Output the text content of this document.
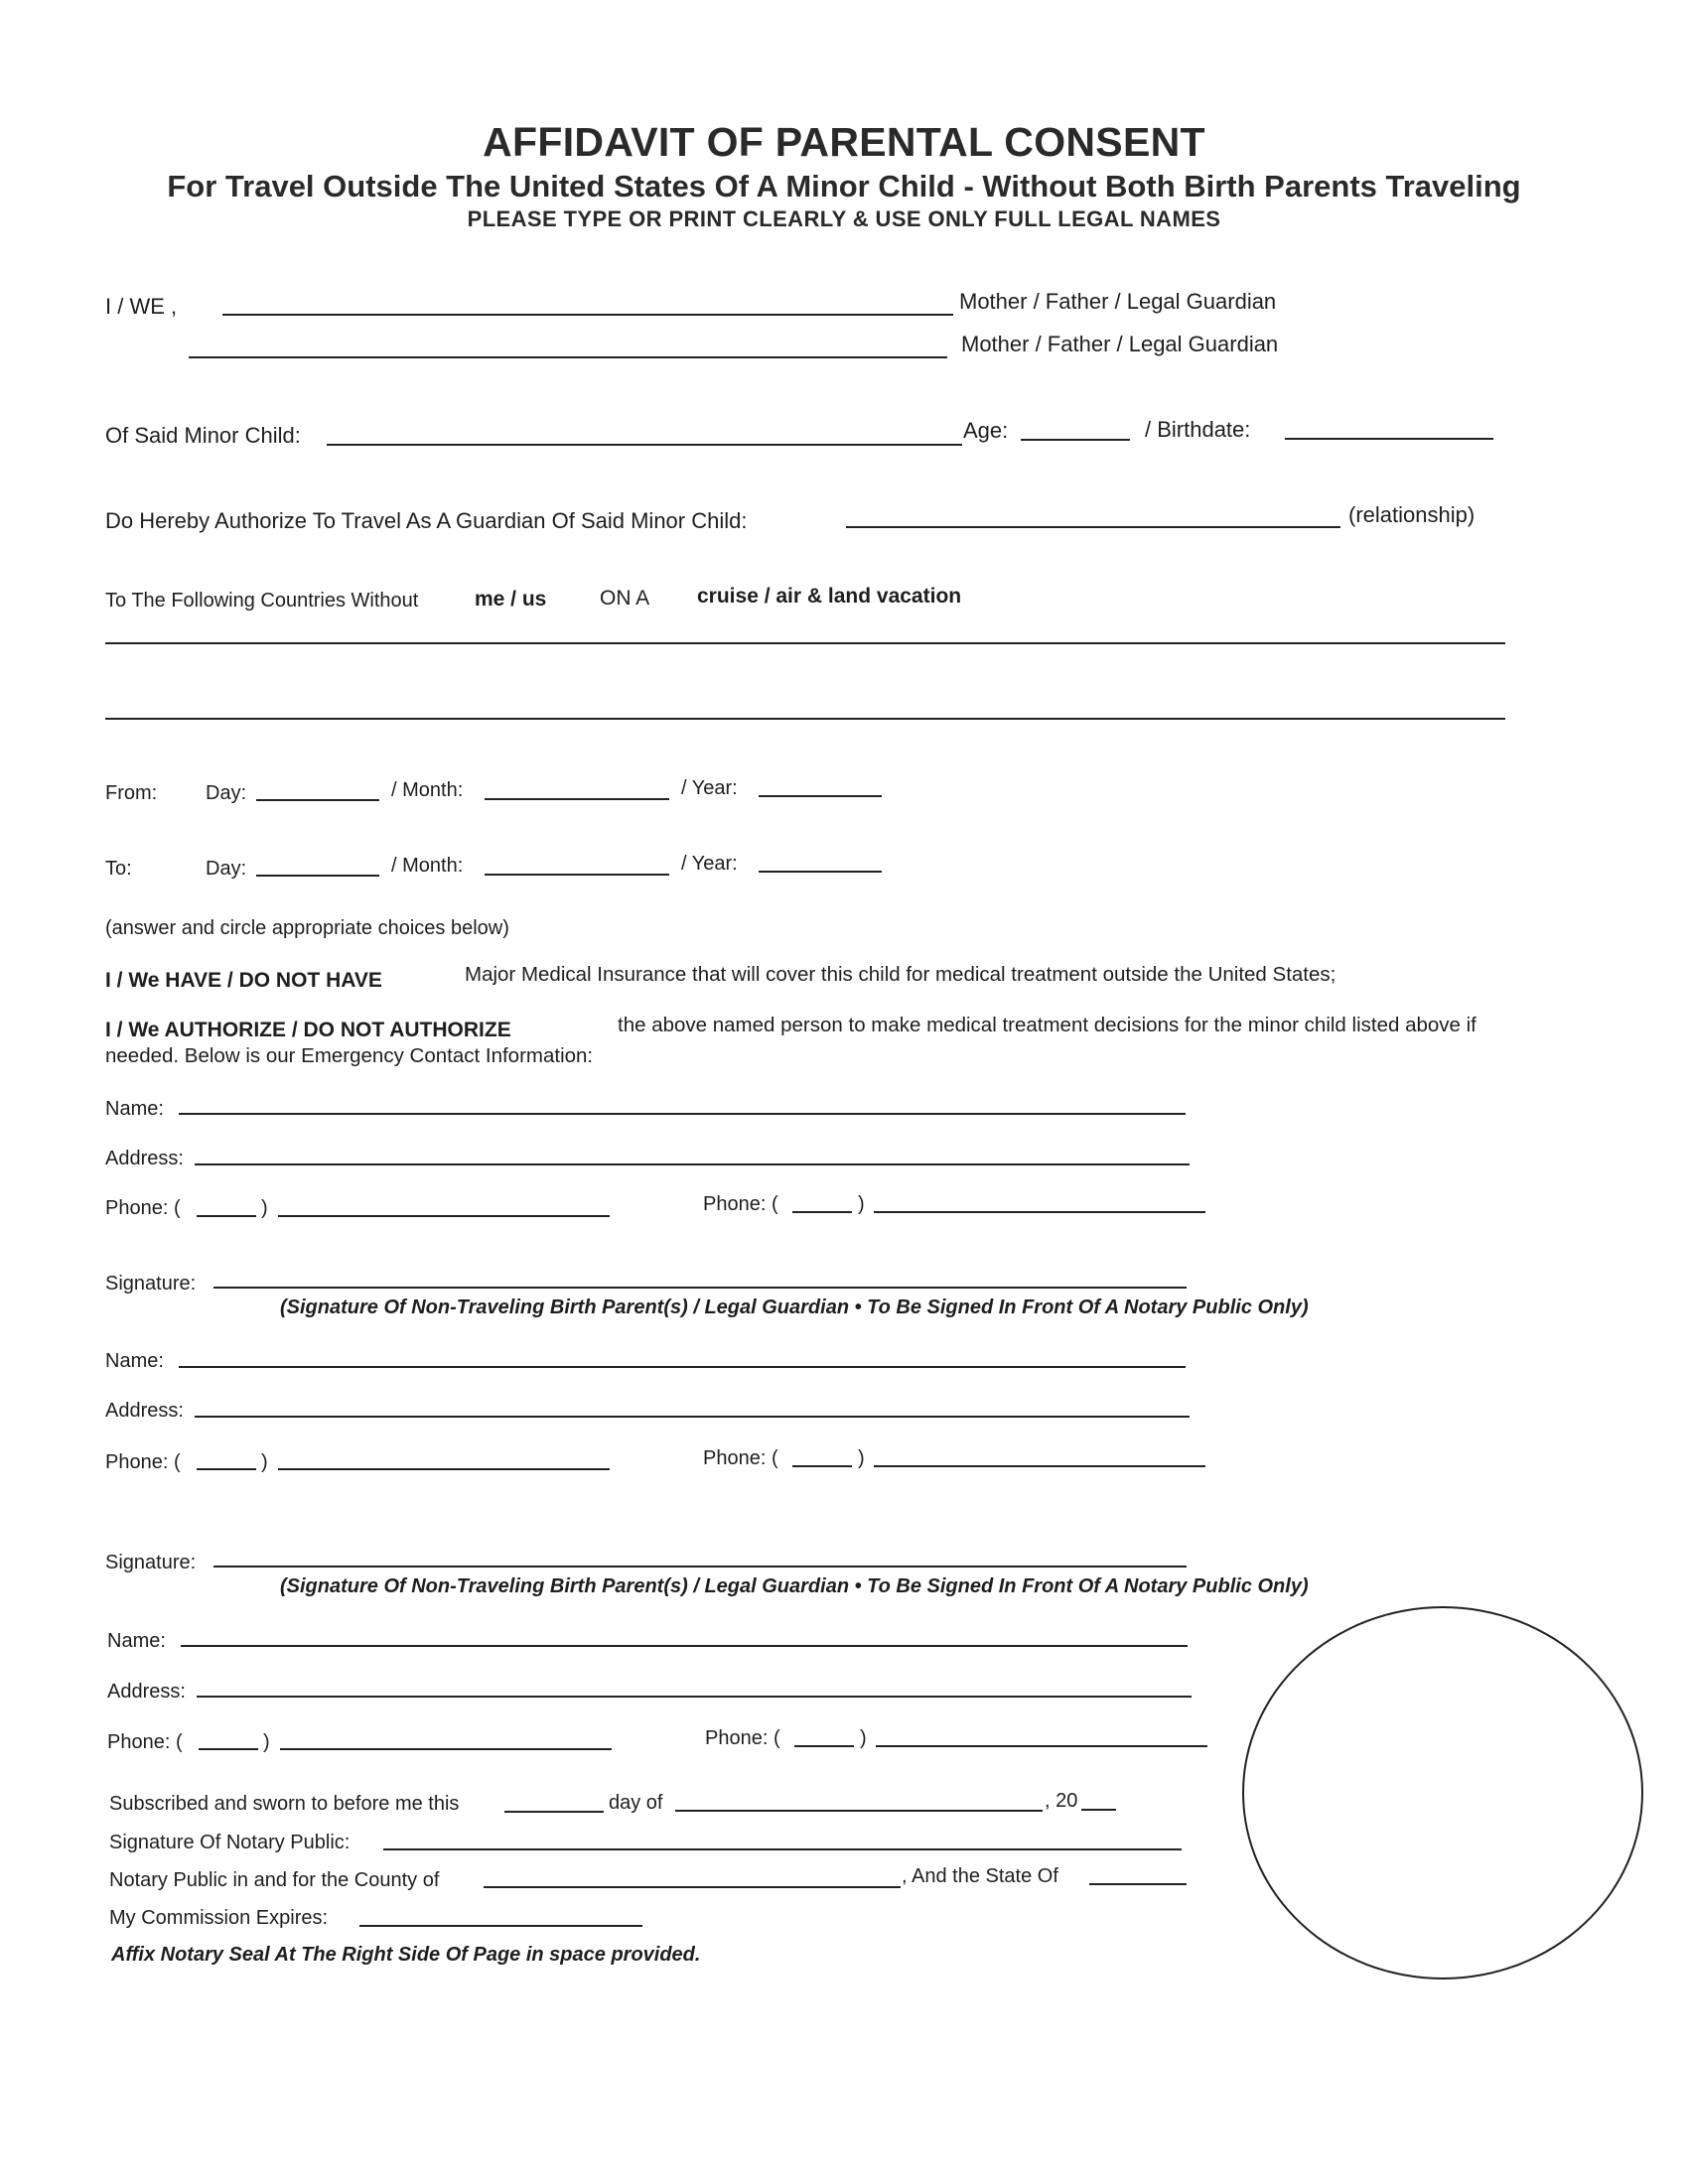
AFFIDAVIT OF PARENTAL CONSENT
For Travel Outside The United States Of A Minor Child - Without Both Birth Parents Traveling
PLEASE TYPE OR PRINT CLEARLY & USE ONLY FULL LEGAL NAMES
I / WE ,	Mother / Father / Legal Guardian
Mother / Father / Legal Guardian
Of Said Minor Child:	Age:	/ Birthdate:
Do Hereby Authorize To Travel As A Guardian Of Said Minor Child:	(relationship)
To The Following Countries Without	me / us	ON A cruise / air & land vacation
From: Day:	/ Month:	/ Year:
To:	Day:	/ Month:	/ Year:
(answer and circle appropriate choices below)
I / We HAVE / DO NOT HAVE	Major Medical Insurance that will cover this child for medical treatment outside the United States;
I / We AUTHORIZE / DO NOT AUTHORIZE	the above named person to make medical treatment decisions for the minor child listed above if
needed. Below is our Emergency Contact Information:
Name:
Address:
Phone: (	)	Phone: (	)
Signature:
(Signature Of Non-Traveling Birth Parent(s) / Legal Guardian • To Be Signed In Front Of A Notary Public Only)
Name:
Address:
Phone: (	)	Phone: (	)
Signature:
(Signature Of Non-Traveling Birth Parent(s) / Legal Guardian • To Be Signed In Front Of A Notary Public Only)
Name:
Address:
Phone: (	)	Phone: (	)
Subscribed and sworn to before me this	day of	, 20
Signature Of Notary Public:
Notary Public in and for the County of	, And the State Of
My Commission Expires:
Affix Notary Seal At The Right Side Of Page in space provided.
